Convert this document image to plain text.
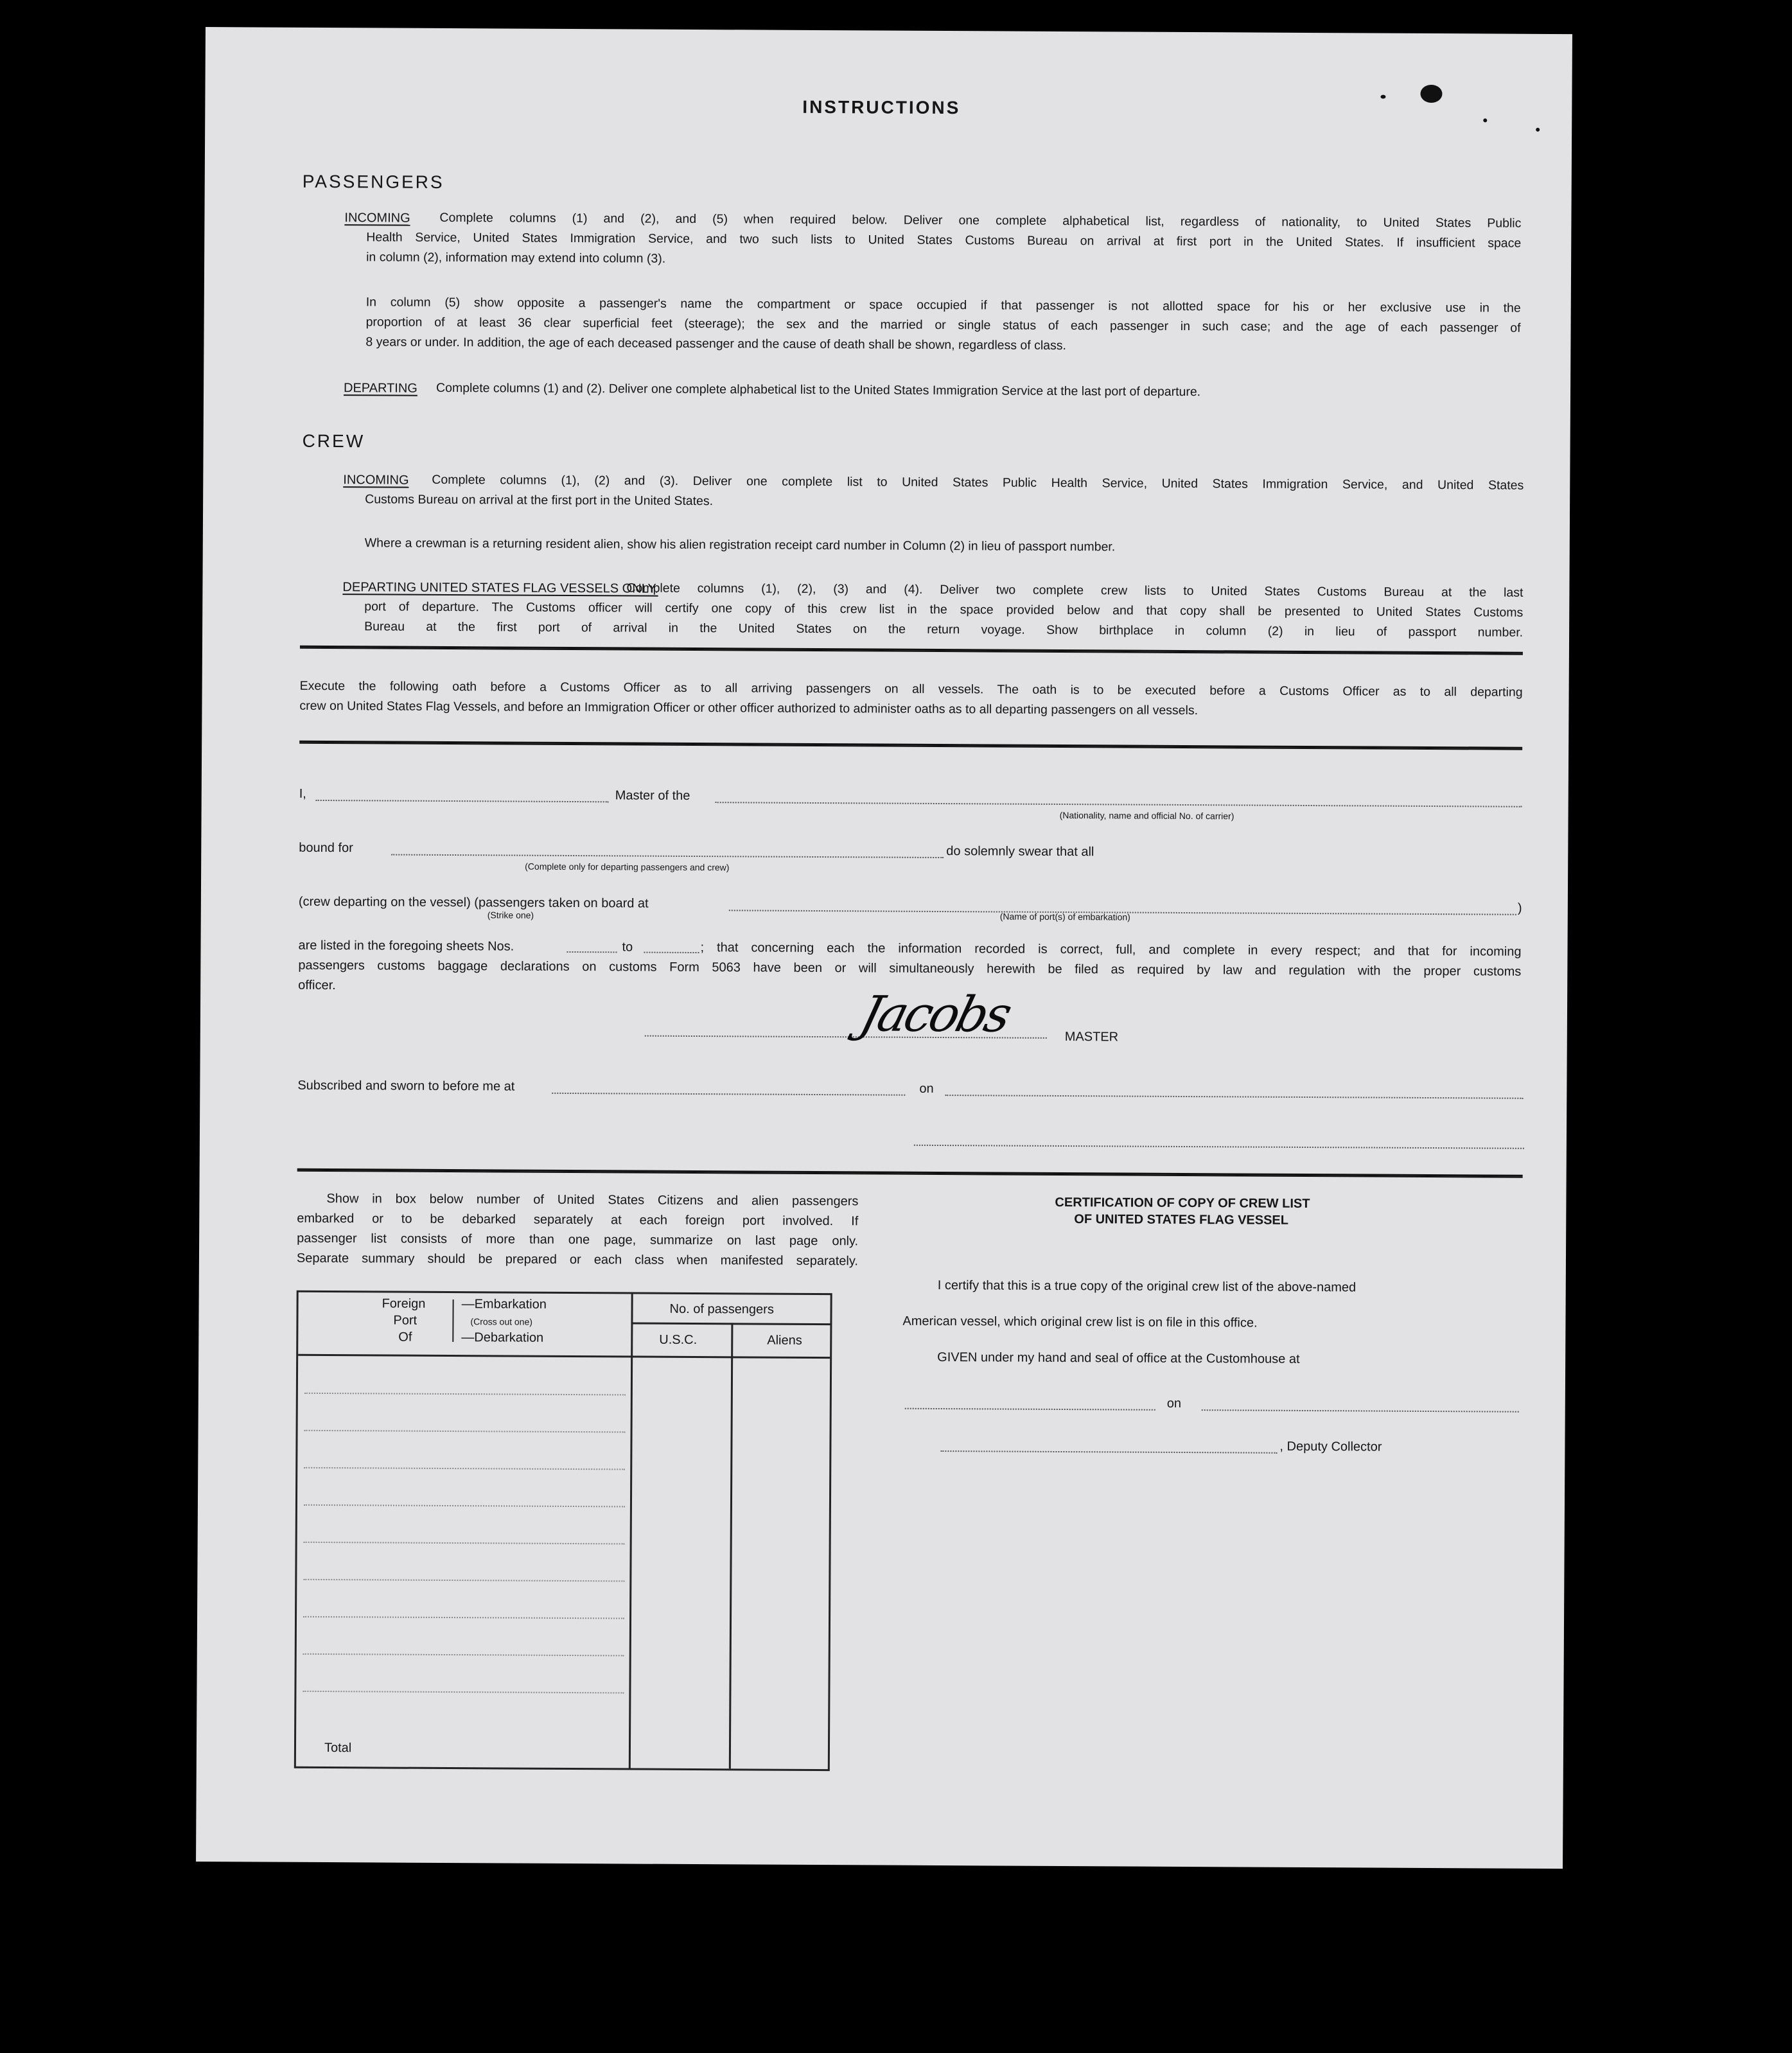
INSTRUCTIONS
PASSENGERS
INCOMING Complete columns (1) and (2), and (5) when required below. Deliver one complete alphabetical list, regardless of nationality, to United States Public
Health Service, United States Immigration Service, and two such lists to United States Customs Bureau on arrival at first port in the United States. If insufficient space
in column (2), information may extend into column (3).
In column (5) show opposite a passenger's name the compartment or space occupied if that passenger is not allotted space for his or her exclusive use in the
proportion of at least 36 clear superficial feet (steerage); the sex and the married or single status of each passenger in such case; and the age of each passenger of
8 years or under. In addition, the age of each deceased passenger and the cause of death shall be shown, regardless of class.
DEPARTING Complete columns (1) and (2). Deliver one complete alphabetical list to the United States Immigration Service at the last port of departure.
CREW
INCOMING Complete columns (1), (2) and (3). Deliver one complete list to United States Public Health Service, United States Immigration Service, and United States
Customs Bureau on arrival at the first port in the United States.
Where a crewman is a returning resident alien, show his alien registration receipt card number in Column (2) in lieu of passport number.
DEPARTING UNITED STATES FLAG VESSELS ONLY.
Complete columns (1), (2), (3) and (4). Deliver two complete crew lists to United States Customs Bureau at the last
port of departure. The Customs officer will certify one copy of this crew list in the space provided below and that copy shall be presented to United States Customs
Bureau at the first port of arrival in the United States on the return voyage. Show birthplace in column (2) in lieu of passport number.
Execute the following oath before a Customs Officer as to all arriving passengers on all vessels. The oath is to be executed before a Customs Officer as to all departing
crew on United States Flag Vessels, and before an Immigration Officer or other officer authorized to administer oaths as to all departing passengers on all vessels.
I,	Master of the
(Nationality, name and official No. of carrier)
bound for
(Complete only for departing passengers and crew)
do solemnly swear that all
(crew departing on the vessel) (passengers taken on board at	)
(Strike one)	(Name of port(s) of embarkation)
are listed in the foregoing sheets Nos.	to	; that concerning each the information recorded is correct, full, and complete in every respect; and that for incoming
passengers customs baggage declarations on customs Form 5063 have been or will simultaneously herewith be filed as required by law and regulation with the proper customs
officer.	Jacobs	MASTER
Subscribed and sworn to before me at	on
Show in box below number of United States Citizens and alien passengers
embarked or to be debarked separately at each foreign port involved. If
passenger list consists of more than one page, summarize on last page only.
Separate summary should be prepared or each class when manifested separately.
Foreign
Port
Of
—Embarkation
(Cross out one)
—Debarkation
No. of passengers
U.S.C.	Aliens
Total
CERTIFICATION OF COPY OF CREW LIST
OF UNITED STATES FLAG VESSEL
I certify that this is a true copy of the original crew list of the above-named
American vessel, which original crew list is on file in this office.
GIVEN under my hand and seal of office at the Customhouse at
on
, Deputy Collector
